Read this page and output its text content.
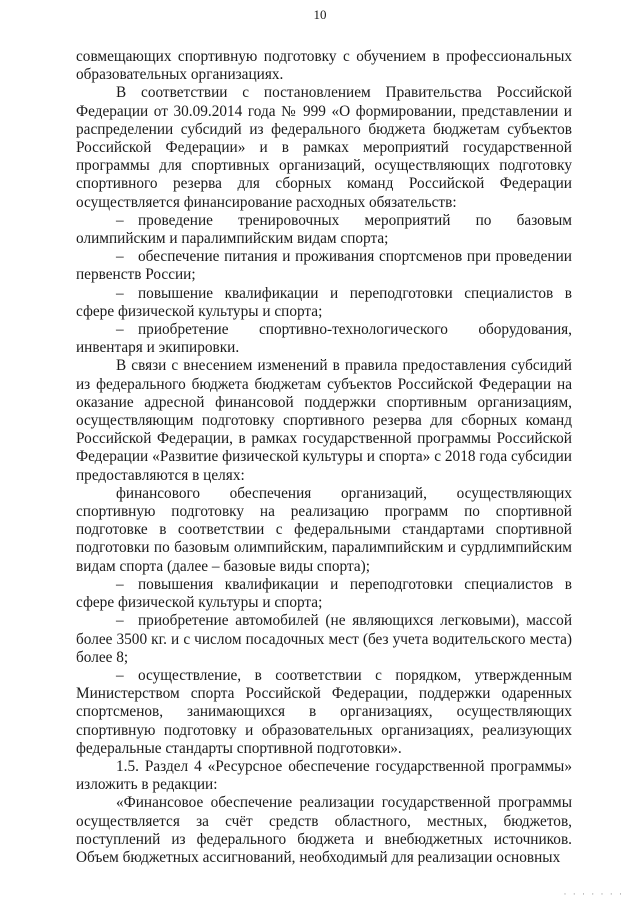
10

совмещающих спортивную подготовку с обучением в профессиональных образовательных организациях.

В соответствии с постановлением Правительства Российской Федерации от 30.09.2014 года № 999 «О формировании, представлении и распределении субсидий из федерального бюджета бюджетам субъектов Российской Федерации» и в рамках мероприятий государственной программы для спортивных организаций, осуществляющих подготовку спортивного резерва для сборных команд Российской Федерации осуществляется финансирование расходных обязательств:

– проведение тренировочных мероприятий по базовым олимпийским и паралимпийским видам спорта;

– обеспечение питания и проживания спортсменов при проведении первенств России;

– повышение квалификации и переподготовки специалистов в сфере физической культуры и спорта;

– приобретение спортивно-технологического оборудования, инвентаря и экипировки.

В связи с внесением изменений в правила предоставления субсидий из федерального бюджета бюджетам субъектов Российской Федерации на оказание адресной финансовой поддержки спортивным организациям, осуществляющим подготовку спортивного резерва для сборных команд Российской Федерации, в рамках государственной программы Российской Федерации «Развитие физической культуры и спорта» с 2018 года субсидии предоставляются в целях:

финансового обеспечения организаций, осуществляющих спортивную подготовку на реализацию программ по спортивной подготовке в соответствии с федеральными стандартами спортивной подготовки по базовым олимпийским, паралимпийским и сурдлимпийским видам спорта (далее – базовые виды спорта);

– повышения квалификации и переподготовки специалистов в сфере физической культуры и спорта;

– приобретение автомобилей (не являющихся легковыми), массой более 3500 кг. и с числом посадочных мест (без учета водительского места) более 8;

– осуществление, в соответствии с порядком, утвержденным Министерством спорта Российской Федерации, поддержки одаренных спортсменов, занимающихся в организациях, осуществляющих спортивную подготовку и образовательных организациях, реализующих федеральные стандарты спортивной подготовки».

1.5. Раздел 4 «Ресурсное обеспечение государственной программы» изложить в редакции:

«Финансовое обеспечение реализации государственной программы осуществляется за счёт средств областного, местных, бюджетов, поступлений из федерального бюджета и внебюджетных источников. Объем бюджетных ассигнований, необходимый для реализации основных

· · · · · · ·
